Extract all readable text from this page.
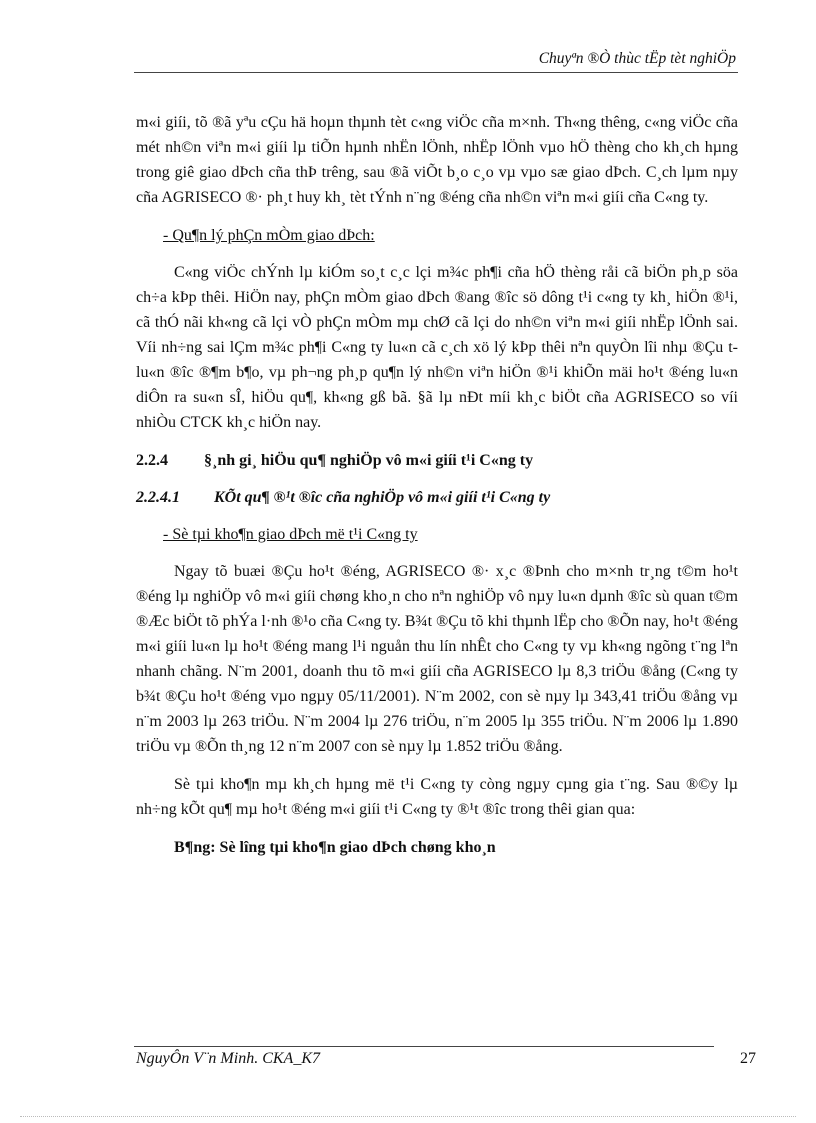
Chuyªn ®Ò thùc tËp tèt nghiÖp

m«i giíi, tõ ®ã yªu cÇu hä hoµn thµnh tèt c«ng viÖc cña m×nh. Th«ng thêng, c«ng viÖc cña mét nh©n viªn m«i giíi lµ tiÕn hµnh nhËn lÖnh, nhËp lÖnh vµo hÖ thèng cho kh¸ch hµng trong giê giao dÞch cña thÞ trêng, sau ®ã viÕt b¸o c¸o vµ vµo sæ giao dÞch. C¸ch lµm nµy cña AGRISECO ®· ph¸t huy kh¸ tèt tÝnh n¨ng ®éng cña nh©n viªn m«i giíi cña C«ng ty.

- Qu¶n lý phÇn mÒm giao dÞch:

C«ng viÖc chÝnh lµ kiÓm so¸t c¸c lçi m¾c ph¶i cña hÖ thèng råi cã biÖn ph¸p söa ch÷a kÞp thêi. HiÖn nay, phÇn mÒm giao dÞch ®ang ®îc sö dông t¹i c«ng ty kh¸ hiÖn ®¹i, cã thÓ nãi kh«ng cã lçi vÒ phÇn mÒm mµ chØ cã lçi do nh©n viªn m«i giíi nhËp lÖnh sai. Víi nh÷ng sai lÇm m¾c ph¶i C«ng ty lu«n cã c¸ch xö lý kÞp thêi nªn quyÒn lîi nhµ ®Çu t lu«n ®îc ®¶m b¶o, vµ ph¬ng ph¸p qu¶n lý nh©n viªn hiÖn ®¹i khiÕn mäi ho¹t ®éng lu«n diÔn ra su«n sÎ, hiÖu qu¶, kh«ng gß bã. §ã lµ nÐt míi kh¸c biÖt cña AGRISECO so víi nhiÒu CTCK kh¸c hiÖn nay.

2.2.4 §¸nh gi¸ hiÖu qu¶ nghiÖp vô m«i giíi t¹i C«ng ty
2.2.4.1 KÕt qu¶ ®¹t ®îc cña nghiÖp vô m«i giíi t¹i C«ng ty

- Sè tµi kho¶n giao dÞch më t¹i C«ng ty

Ngay tõ buæi ®Çu ho¹t ®éng, AGRISECO ®· x¸c ®Þnh cho m×nh tr¸ng t©m ho¹t ®éng lµ nghiÖp vô m«i giíi chøng kho¸n cho nªn nghiÖp vô nµy lu«n dµnh ®îc sù quan t©m ®Æc biÖt tõ phÝa l·nh ®¹o cña C«ng ty. B¾t ®Çu tõ khi thµnh lËp cho ®Õn nay, ho¹t ®éng m«i giíi lu«n lµ ho¹t ®éng mang l¹i nguån thu lín nhÊt cho C«ng ty vµ kh«ng ngõng t¨ng lªn nhanh chãng. N¨m 2001, doanh thu tõ m«i giíi cña AGRISECO lµ 8,3 triÖu ®ång (C«ng ty b¾t ®Çu ho¹t ®éng vµo ngµy 05/11/2001). N¨m 2002, con sè nµy lµ 343,41 triÖu ®ång vµ n¨m 2003 lµ 263 triÖu. N¨m 2004 lµ 276 triÖu, n¨m 2005 lµ 355 triÖu. N¨m 2006 lµ 1.890 triÖu vµ ®Õn th¸ng 12 n¨m 2007 con sè nµy lµ 1.852 triÖu ®ång.

Sè tµi kho¶n mµ kh¸ch hµng më t¹i C«ng ty còng ngµy cµng gia t¨ng. Sau ®©y lµ nh÷ng kÕt qu¶ mµ ho¹t ®éng m«i giíi t¹i C«ng ty ®¹t ®îc trong thêi gian qua:

B¶ng: Sè lîng tµi kho¶n giao dÞch chøng kho¸n

NguyÔn V¨n Minh. CKA_K7	27
